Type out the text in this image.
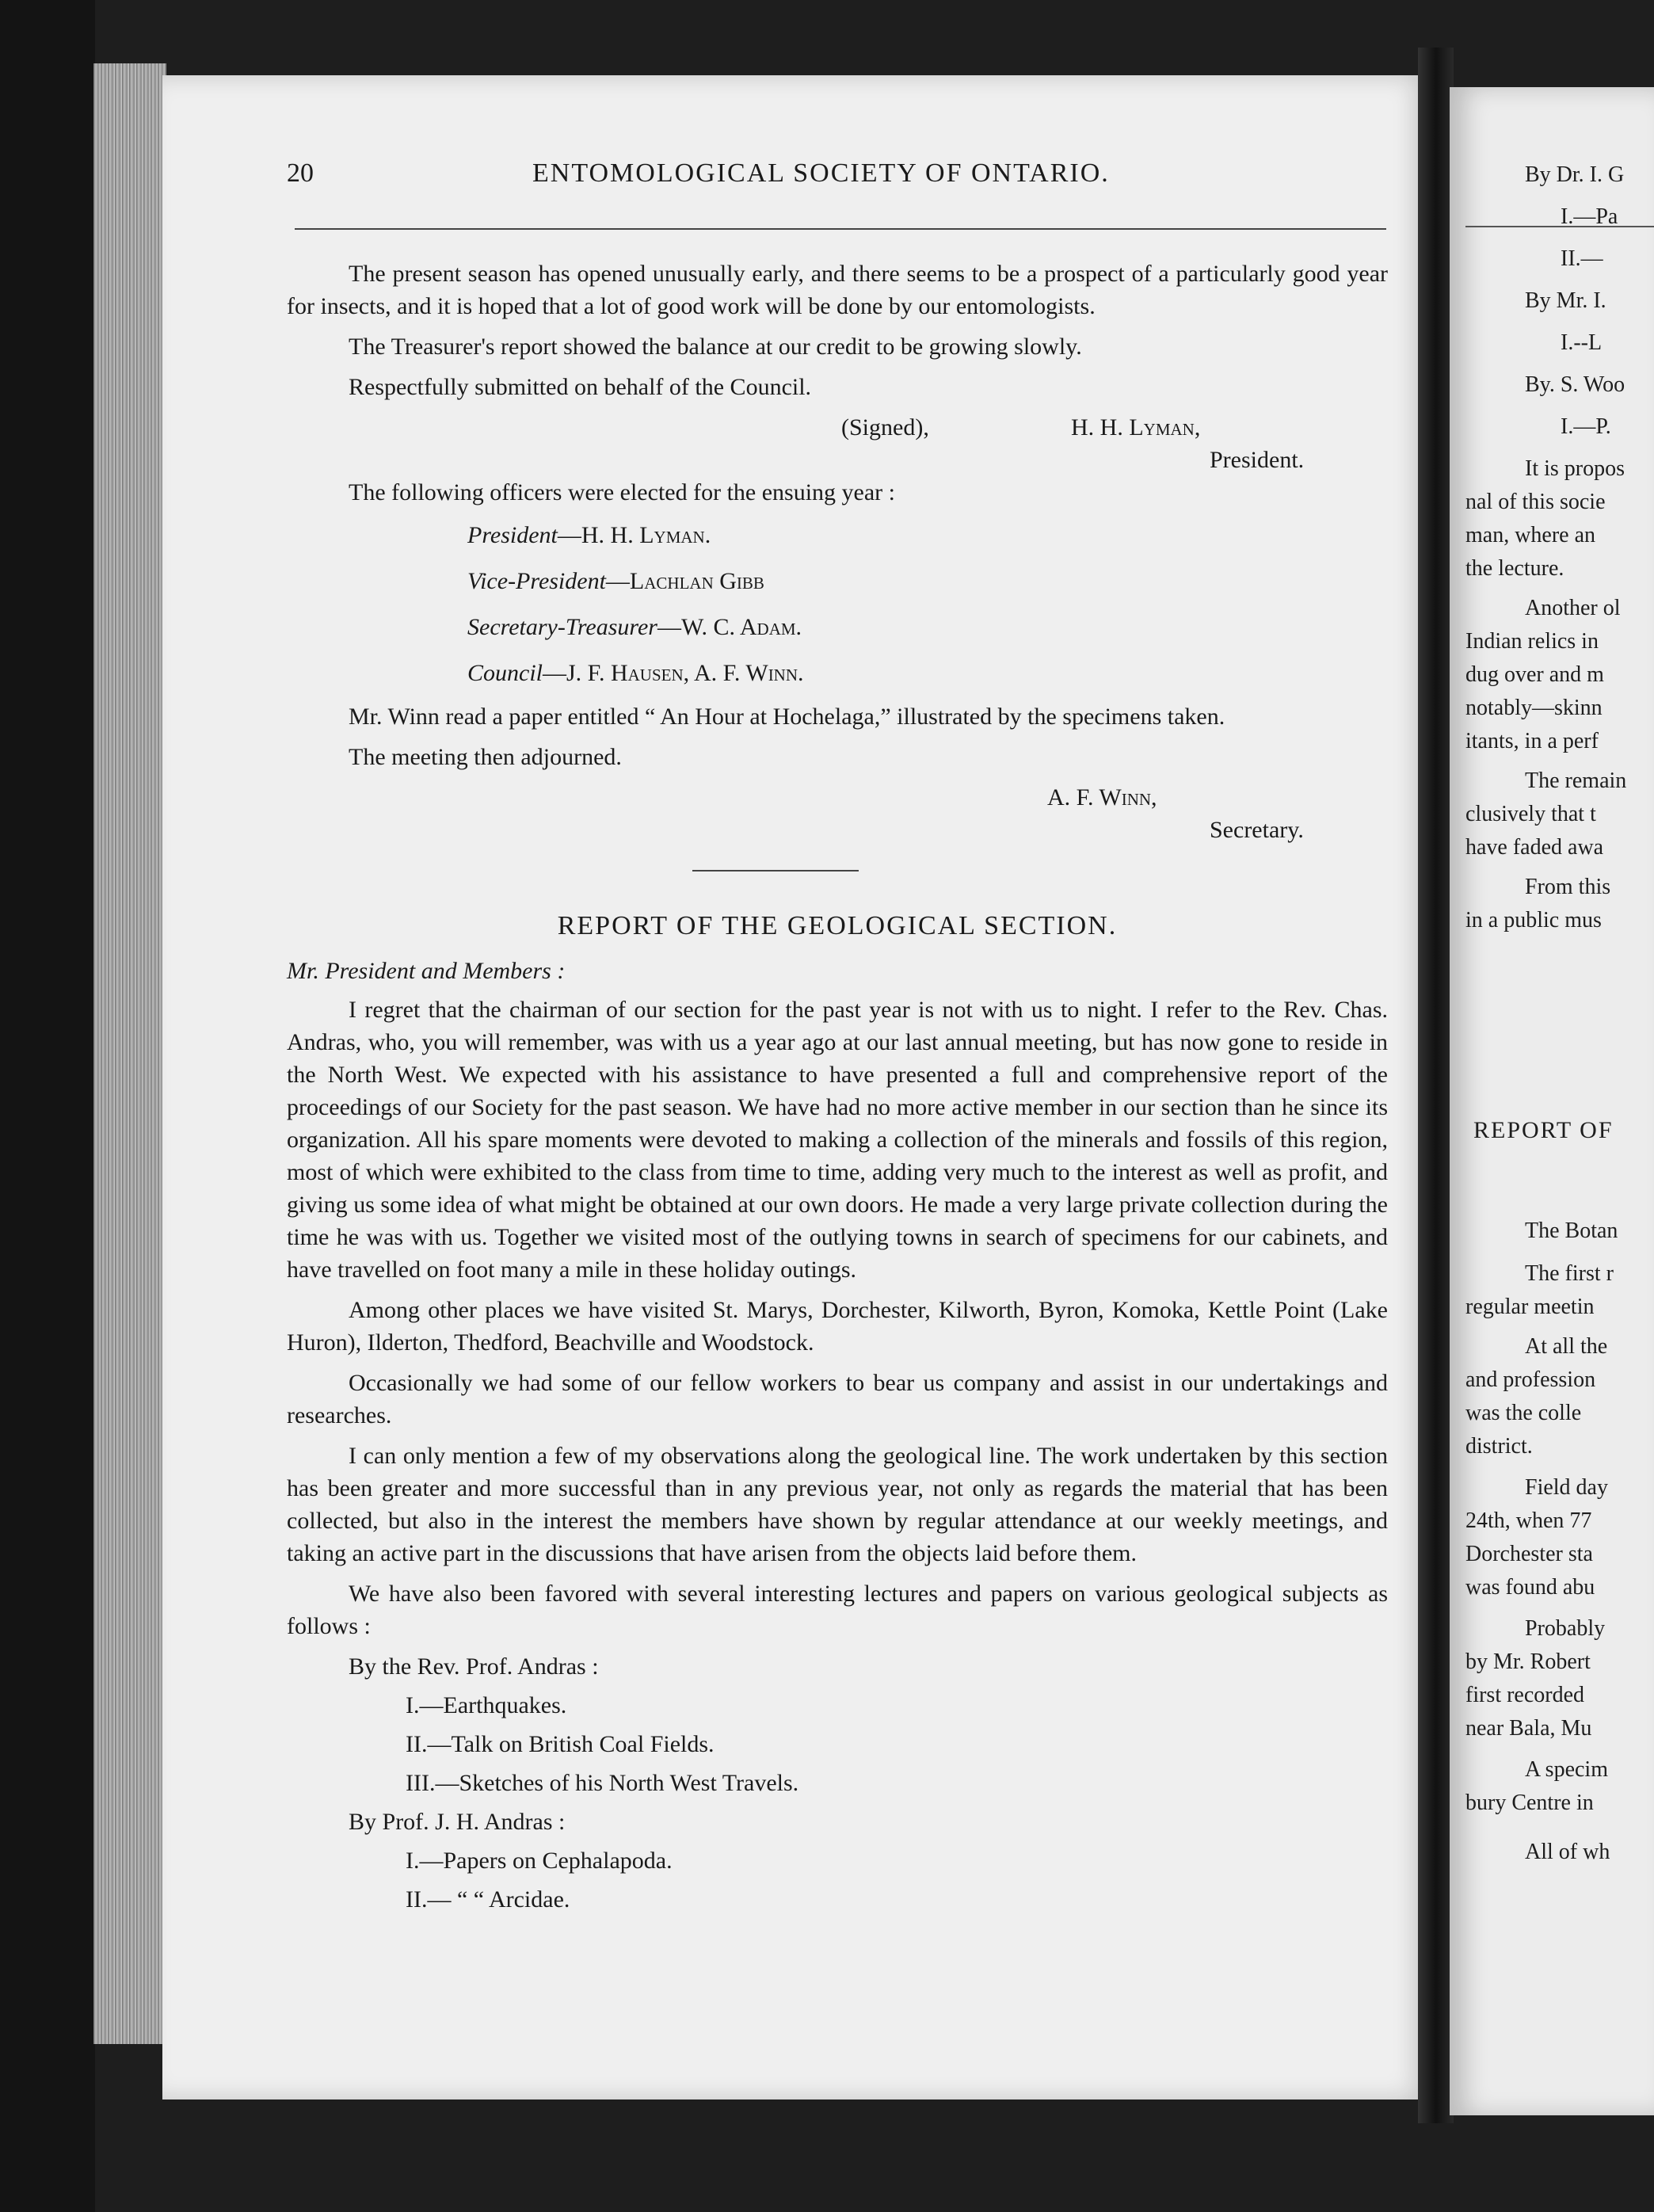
By Dr. I. G
I.—Pa
II.—
By Mr. I.
I.--L
By. S. Woo
I.—P.
It is propos
nal of this socie
man, where an
the lecture.
Another ol
Indian relics in
dug over and m
notably—skinn
itants, in a perf
The remain
clusively that t
have faded awa
From this
in a public mus
REPORT OF
The Botan
The first r
regular meetin
At all the
and profession
was the colle
district.
Field day
24th, when 77
Dorchester sta
was found abu
Probably
by Mr. Robert
first recorded
near Bala, Mu
A specim
bury Centre in
All of wh
20	ENTOMOLOGICAL SOCIETY OF ONTARIO.

The present season has opened unusually early, and there seems to be a prospect of a particularly good year for insects, and it is hoped that a lot of good work will be done by our entomologists.

The Treasurer's report showed the balance at our credit to be growing slowly.

Respectfully submitted on behalf of the Council.

(Signed),	H. H. Lyman,
President.

The following officers were elected for the ensuing year :

President—H. H. Lyman.

Vice-President—Lachlan Gibb

Secretary-Treasurer—W. C. Adam.

Council—J. F. Hausen, A. F. Winn.

Mr. Winn read a paper entitled “ An Hour at Hochelaga,” illustrated by the specimens taken.

The meeting then adjourned.

A. F. Winn,
Secretary.
REPORT OF THE GEOLOGICAL SECTION.

Mr. President and Members :

I regret that the chairman of our section for the past year is not with us to night. I refer to the Rev. Chas. Andras, who, you will remember, was with us a year ago at our last annual meeting, but has now gone to reside in the North West. We expected with his assistance to have presented a full and comprehensive report of the proceedings of our Society for the past season. We have had no more active member in our section than he since its organization. All his spare moments were devoted to making a collection of the minerals and fossils of this region, most of which were exhibited to the class from time to time, adding very much to the interest as well as profit, and giving us some idea of what might be obtained at our own doors. He made a very large private collection during the time he was with us. Together we visited most of the outlying towns in search of specimens for our cabinets, and have travelled on foot many a mile in these holiday outings.

Among other places we have visited St. Marys, Dorchester, Kilworth, Byron, Komoka, Kettle Point (Lake Huron), Ilderton, Thedford, Beachville and Woodstock.

Occasionally we had some of our fellow workers to bear us company and assist in our undertakings and researches.

I can only mention a few of my observations along the geological line. The work undertaken by this section has been greater and more successful than in any previous year, not only as regards the material that has been collected, but also in the interest the members have shown by regular attendance at our weekly meetings, and taking an active part in the discussions that have arisen from the objects laid before them.

We have also been favored with several interesting lectures and papers on various geological subjects as follows :

By the Rev. Prof. Andras :

I.—Earthquakes.

II.—Talk on British Coal Fields.

III.—Sketches of his North West Travels.

By Prof. J. H. Andras :

I.—Papers on Cephalapoda.

II.— “ “ Arcidae.
